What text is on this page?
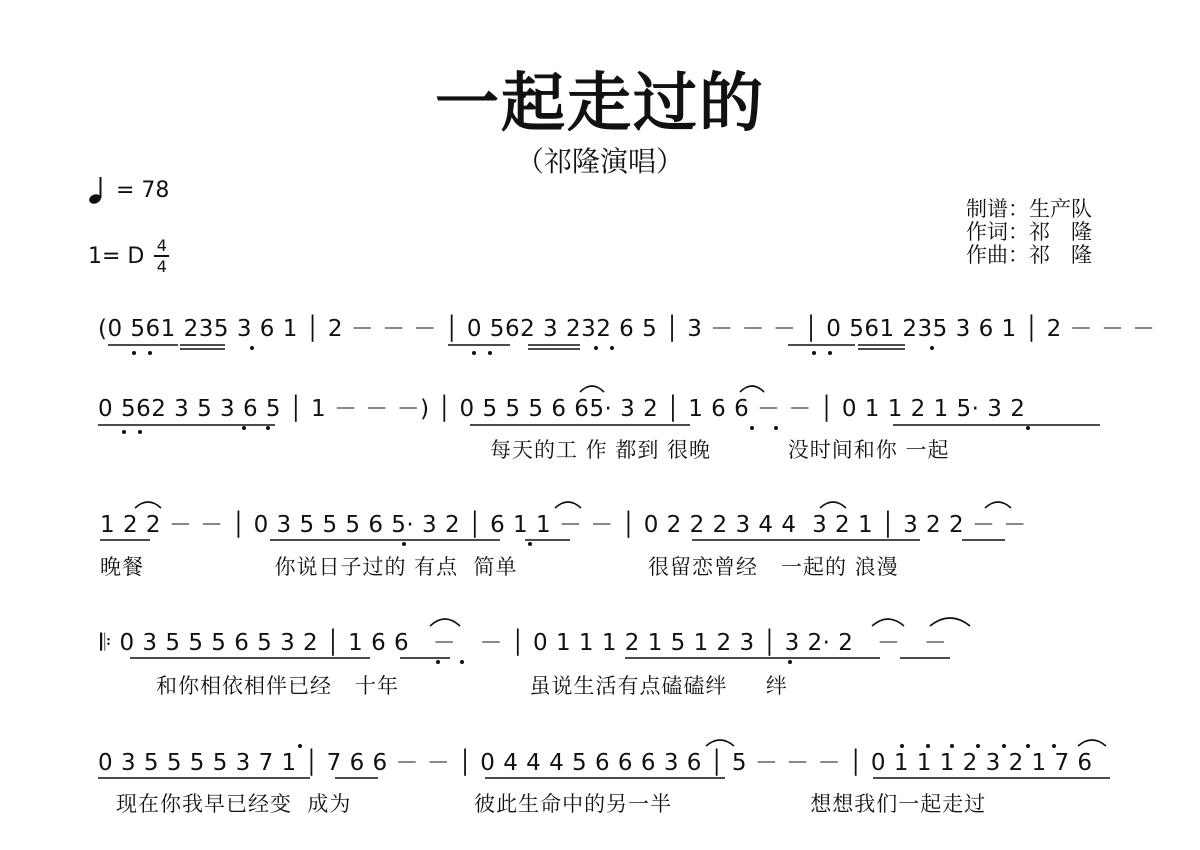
一起走过的
（祁隆演唱）
= 78
1= D $\frac{4}{4}$
制谱：生产队
作词：祁　隆
作曲：祁　隆
(0 561 235 3 6 1 │ 2 － － － │ 0 562 3 232 6 5 │ 3 － － － │ 0 561 235 3 6 1 │ 2 － － －
0 562 3 5 3 6 5 │ 1 － － －) │ 0 5 5 5 6 65· 3 2 │ 1 6 6 － － │ 0 1 1 2 1 5· 3 2
每天的工 作 都到 很晚          没时间和你 一起
1 2 2 － － │ 0 3 5 5 5 6 5· 3 2 │ 6 1 1 － － │ 0 2 2 2 3 4 4  3 2 1 │ 3 2 2 － －
晚餐                 你说日子过的 有点  简单                 很留恋曾经   一起的 浪漫
𝄆 0 3 5 5 5 6 5 3 2 │ 1 6 6   －   － │ 0 1 1 1 2 1 5 1 2 3 │ 3 2· 2   －   －
和你相依相伴已经   十年                 虽说生活有点磕磕绊     绊
0 3 5 5 5 5 3 7 1 │ 7 6 6 － － │ 0 4 4 4 5 6 6 6 3 6 │ 5 － － － │ 0 1 1 1 2 3 2 1 7 6
现在你我早已经变  成为                彼此生命中的另一半                  想想我们一起走过
